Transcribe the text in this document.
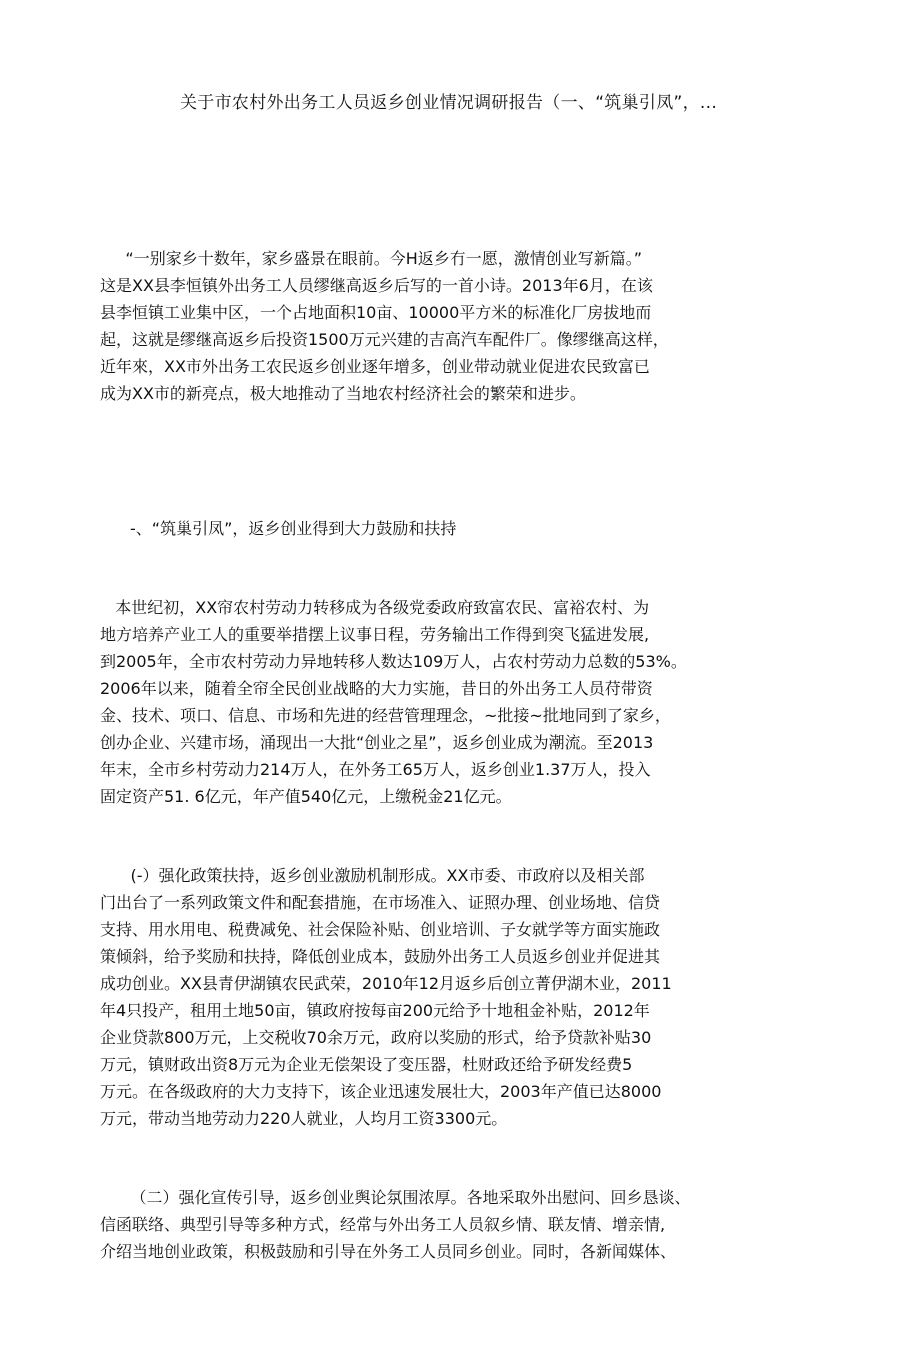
关于市农村外出务工人员返乡创业情况调研报告（一、“筑巢引凤”，...
“一别家乡十数年，家乡盛景在眼前。今H返乡冇一愿，激情创业写新篇。”
这是XX县李恒镇外出务工人员缪继高返乡后写的一首小诗。2013年6月，在该
县李恒镇工业集中区，一个占地面积10亩、10000平方米的标准化厂房拔地而
起，这就是缪继高返乡后投资1500万元兴建的吉高汽车配件厂。像缪继高这样，
近年來，XX市外出务工农民返乡创业逐年增多，创业带动就业促进农民致富已
成为XX市的新亮点，极大地推动了当地农村经济社会的繁荣和进步。
-、“筑巢引凤”，返乡创业得到大力鼓励和扶持
本世纪初，XX帘农村劳动力转移成为各级党委政府致富农民、富裕农村、为
地方培养产业工人的重要举措摆上议事日程，劳务输出工作得到突飞猛进发展,
到2005年，全市农村劳动力异地转移人数达109万人，占农村劳动力总数的53%。
2006年以来，随着全帘全民创业战略的大力实施，昔日的外出务工人员苻带资
金、技术、项口、信息、市场和先进的经营管理理念，~批接~批地同到了家乡，
创办企业、兴建市场，涌现出一大批“创业之星”，返乡创业成为潮流。至2013
年末，全市乡村劳动力214万人，在外务工65万人，返乡创业1.37万人，投入
固定资产51. 6亿元，年产值540亿元，上缴税金21亿元。
(-）强化政策扶持，返乡创业激励机制形成。XX市委、市政府以及相关部
门出台了一系列政策文件和配套措施，在市场准入、证照办理、创业场地、信贷
支持、用水用电、税费减免、社会保险补贴、创业培训、子女就学等方面实施政
策倾斜，给予奖励和扶持，降低创业成本，鼓励外出务工人员返乡创业并促进其
成功创业。XX县青伊湖镇农民武荣，2010年12月返乡后创立菁伊湖木业，2011
年4只投产，租用土地50亩，镇政府按每亩200元给予十地租金补贴，2012年
企业贷款800万元，上交税收70余万元，政府以奖励的形式，给予贷款补贴30
万元，镇财政出资8万元为企业无偿架设了变压器，杜财政还给予研发经费5
万元。在各级政府的大力支持下，该企业迅速发展壮大，2003年产值已达8000
万元，带动当地劳动力220人就业，人均月工资3300元。
（二）强化宣传引导，返乡创业舆论氛围浓厚。各地采取外出慰问、回乡恳谈、
信函联络、典型引导等多种方式，经常与外出务工人员叙乡情、联友情、增亲情,
介绍当地创业政策，积极鼓励和引导在外务工人员同乡创业。同时，各新闻媒体、
